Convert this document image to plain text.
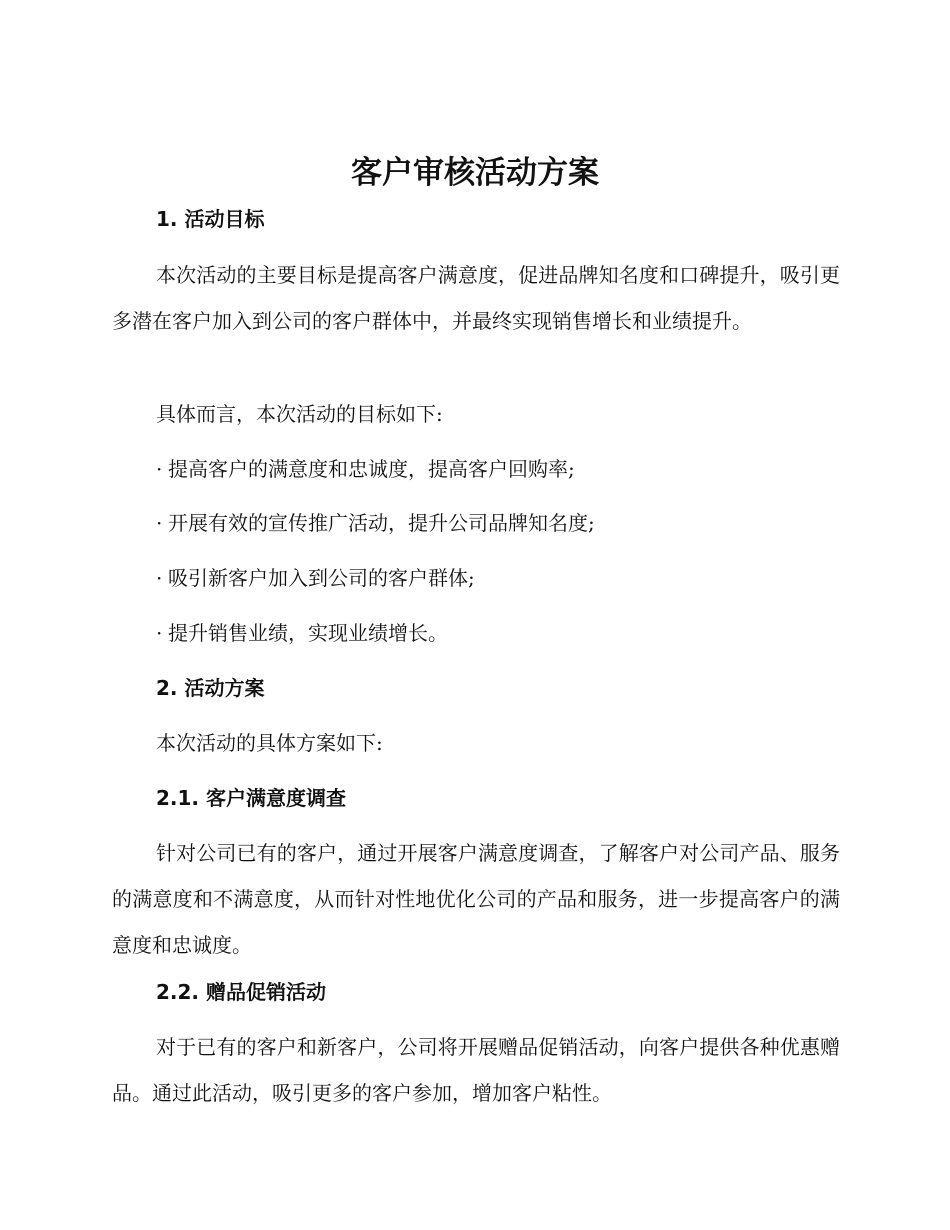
客户审核活动方案
1. 活动目标

本次活动的主要目标是提高客户满意度，促进品牌知名度和口碑提升，吸引更多潜在客户加入到公司的客户群体中，并最终实现销售增长和业绩提升。

具体而言，本次活动的目标如下:

· 提高客户的满意度和忠诚度，提高客户回购率;

· 开展有效的宣传推广活动，提升公司品牌知名度;

· 吸引新客户加入到公司的客户群体;

· 提升销售业绩，实现业绩增长。

2. 活动方案

本次活动的具体方案如下:

2.1. 客户满意度调查

针对公司已有的客户，通过开展客户满意度调查，了解客户对公司产品、服务的满意度和不满意度，从而针对性地优化公司的产品和服务，进一步提高客户的满意度和忠诚度。

2.2. 赠品促销活动

对于已有的客户和新客户，公司将开展赠品促销活动，向客户提供各种优惠赠品。通过此活动，吸引更多的客户参加，增加客户粘性。
